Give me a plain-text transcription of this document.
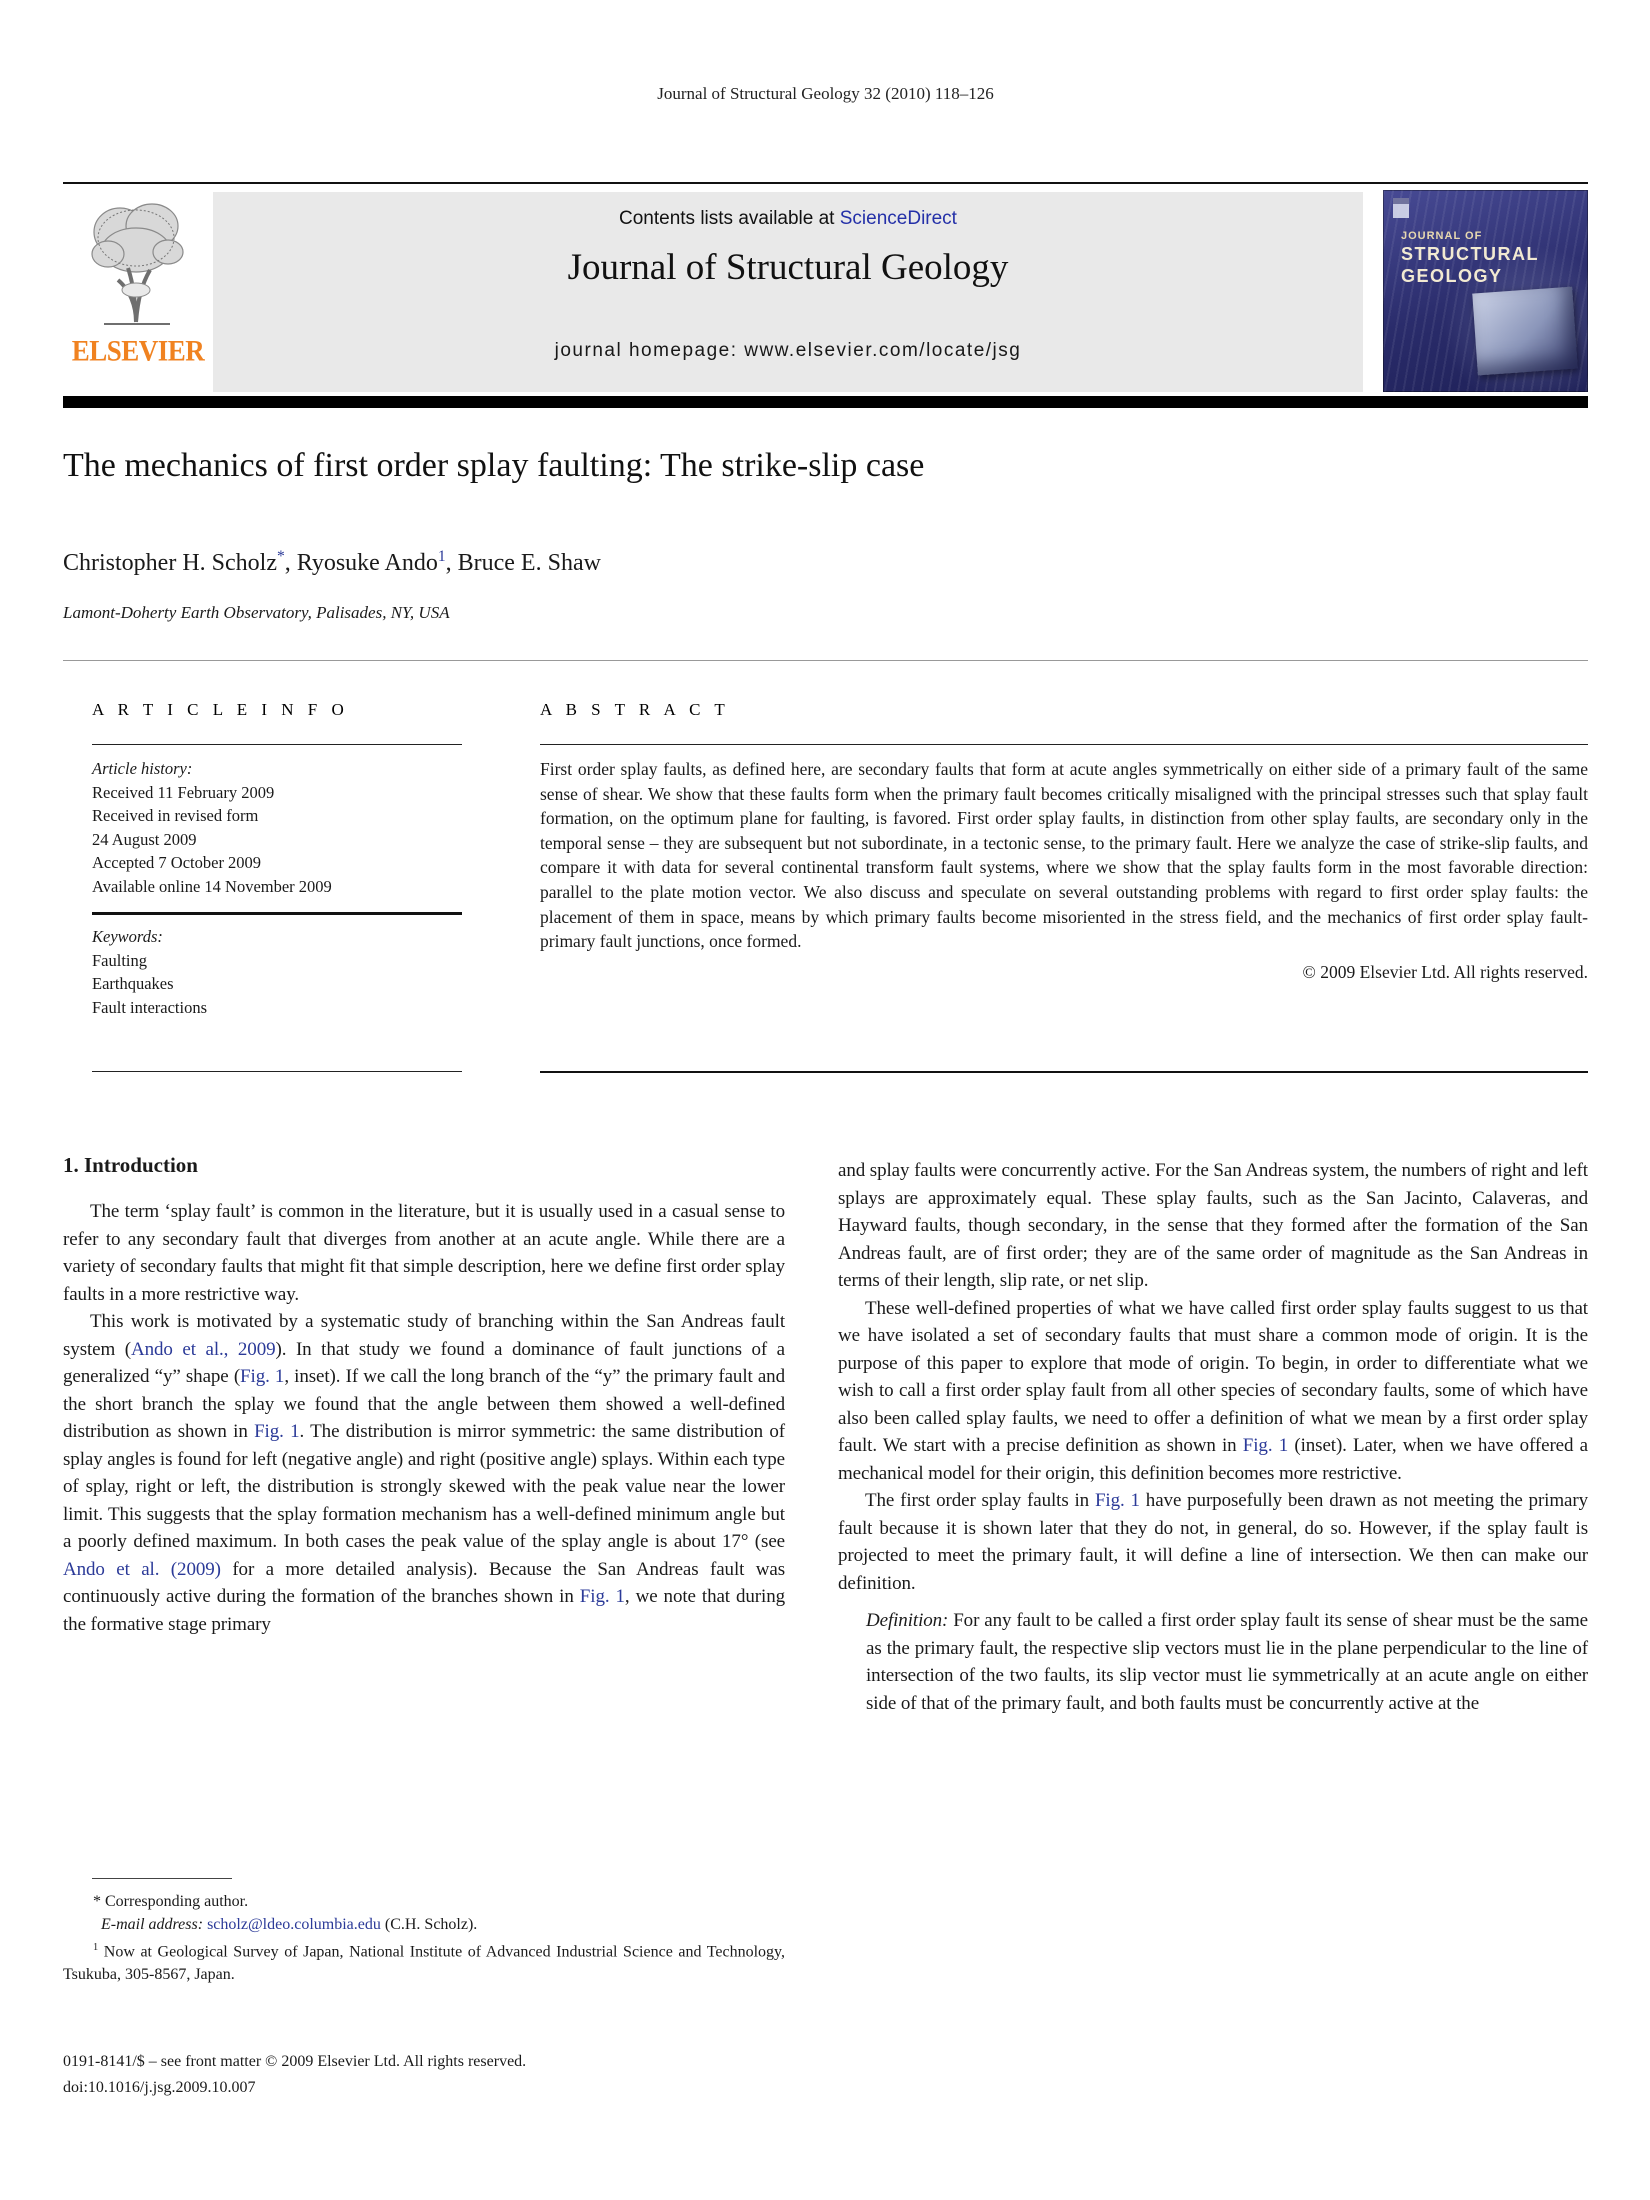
Journal of Structural Geology 32 (2010) 118–126
ELSEVIER
Contents lists available at ScienceDirect
Journal of Structural Geology
journal homepage: www.elsevier.com/locate/jsg
JOURNAL OF
STRUCTURAL
GEOLOGY
The mechanics of first order splay faulting: The strike-slip case
Christopher H. Scholz*, Ryosuke Ando$^1$, Bruce E. Shaw
Lamont-Doherty Earth Observatory, Palisades, NY, USA
A R T I C L E I N F O	A B S T R A C T
Article history:
Received 11 February 2009
Received in revised form
24 August 2009
Accepted 7 October 2009
Available online 14 November 2009
Keywords:
Faulting
Earthquakes
Fault interactions

First order splay faults, as defined here, are secondary faults that form at acute angles symmetrically on either side of a primary fault of the same sense of shear. We show that these faults form when the primary fault becomes critically misaligned with the principal stresses such that splay fault formation, on the optimum plane for faulting, is favored. First order splay faults, in distinction from other splay faults, are secondary only in the temporal sense – they are subsequent but not subordinate, in a tectonic sense, to the primary fault. Here we analyze the case of strike-slip faults, and compare it with data for several continental transform fault systems, where we show that the splay faults form in the most favorable direction: parallel to the plate motion vector. We also discuss and speculate on several outstanding problems with regard to first order splay faults: the placement of them in space, means by which primary faults become misoriented in the stress field, and the mechanics of first order splay fault-primary fault junctions, once formed.

© 2009 Elsevier Ltd. All rights reserved.

1. Introduction

The term ‘splay fault’ is common in the literature, but it is usually used in a casual sense to refer to any secondary fault that diverges from another at an acute angle. While there are a variety of secondary faults that might fit that simple description, here we define first order splay faults in a more restrictive way.

This work is motivated by a systematic study of branching within the San Andreas fault system (Ando et al., 2009). In that study we found a dominance of fault junctions of a generalized “y” shape (Fig. 1, inset). If we call the long branch of the “y” the primary fault and the short branch the splay we found that the angle between them showed a well-defined distribution as shown in Fig. 1. The distribution is mirror symmetric: the same distribution of splay angles is found for left (negative angle) and right (positive angle) splays. Within each type of splay, right or left, the distribution is strongly skewed with the peak value near the lower limit. This suggests that the splay formation mechanism has a well-defined minimum angle but a poorly defined maximum. In both cases the peak value of the splay angle is about 17° (see Ando et al. (2009) for a more detailed analysis). Because the San Andreas fault was continuously active during the formation of the branches shown in Fig. 1, we note that during the formative stage primary

and splay faults were concurrently active. For the San Andreas system, the numbers of right and left splays are approximately equal. These splay faults, such as the San Jacinto, Calaveras, and Hayward faults, though secondary, in the sense that they formed after the formation of the San Andreas fault, are of first order; they are of the same order of magnitude as the San Andreas in terms of their length, slip rate, or net slip.

These well-defined properties of what we have called first order splay faults suggest to us that we have isolated a set of secondary faults that must share a common mode of origin. It is the purpose of this paper to explore that mode of origin. To begin, in order to differentiate what we wish to call a first order splay fault from all other species of secondary faults, some of which have also been called splay faults, we need to offer a definition of what we mean by a first order splay fault. We start with a precise definition as shown in Fig. 1 (inset). Later, when we have offered a mechanical model for their origin, this definition becomes more restrictive.

The first order splay faults in Fig. 1 have purposefully been drawn as not meeting the primary fault because it is shown later that they do not, in general, do so. However, if the splay fault is projected to meet the primary fault, it will define a line of intersection. We then can make our definition.

Definition: For any fault to be called a first order splay fault its sense of shear must be the same as the primary fault, the respective slip vectors must lie in the plane perpendicular to the line of intersection of the two faults, its slip vector must lie symmetrically at an acute angle on either side of that of the primary fault, and both faults must be concurrently active at the

* Corresponding author.

E-mail address: scholz@ldeo.columbia.edu (C.H. Scholz).

$^1$ Now at Geological Survey of Japan, National Institute of Advanced Industrial Science and Technology, Tsukuba, 305-8567, Japan.

0191-8141/$ – see front matter © 2009 Elsevier Ltd. All rights reserved.
doi:10.1016/j.jsg.2009.10.007
